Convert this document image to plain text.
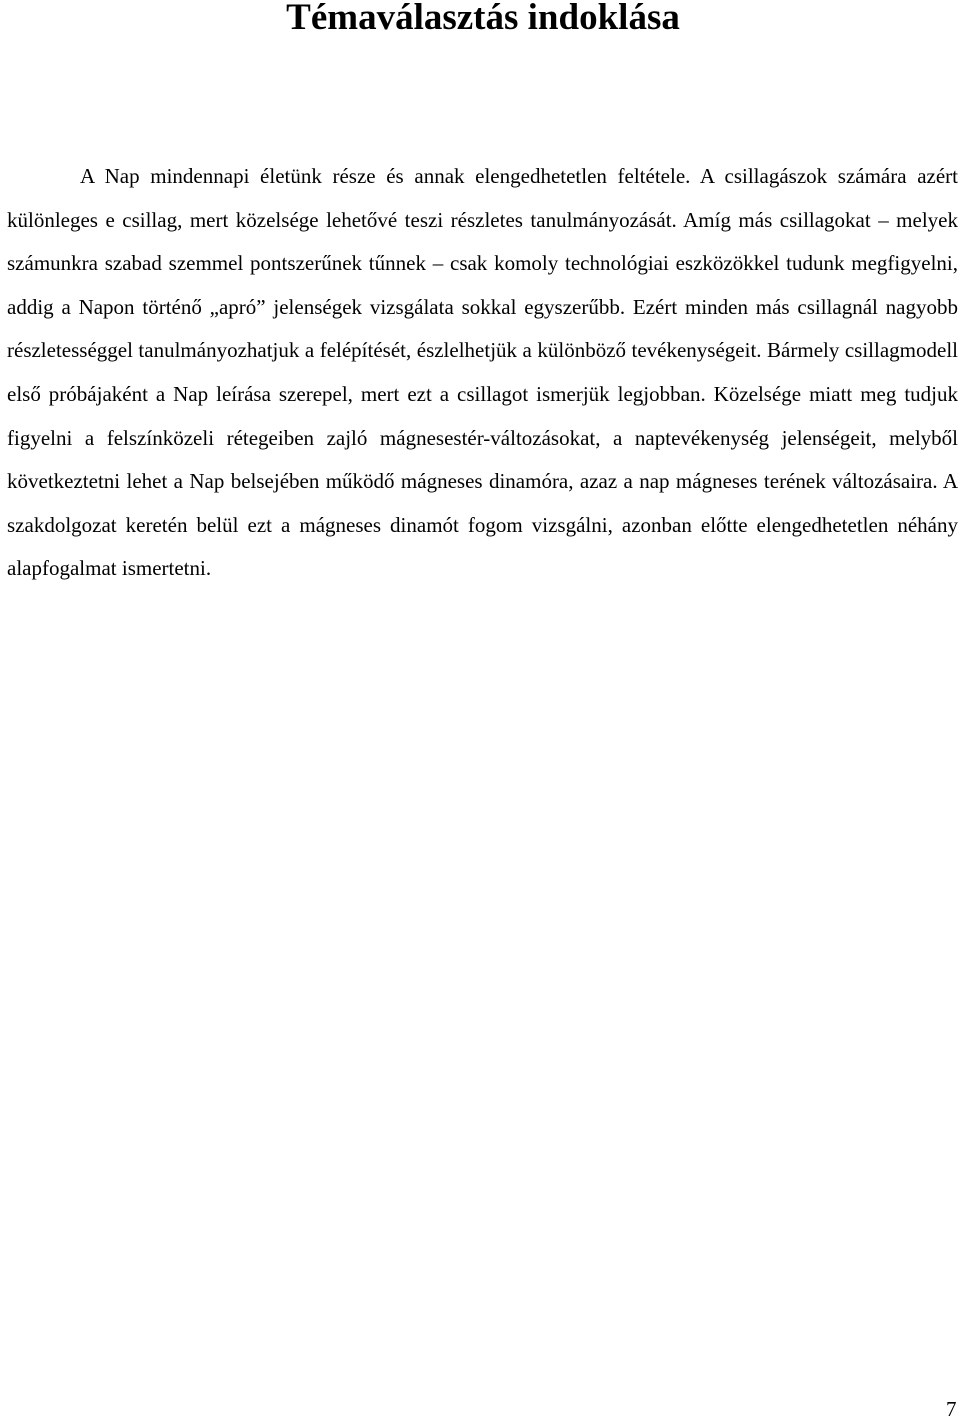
Témaválasztás indoklása

A Nap mindennapi életünk része és annak elengedhetetlen feltétele. A csillagászok számára azért különleges e csillag, mert közelsége lehetővé teszi részletes tanulmányozását. Amíg más csillagokat – melyek számunkra szabad szemmel pontszerűnek tűnnek – csak komoly technológiai eszközökkel tudunk megfigyelni, addig a Napon történő „apró” jelenségek vizsgálata sokkal egyszerűbb. Ezért minden más csillagnál nagyobb részletességgel tanulmányozhatjuk a felépítését, észlelhetjük a különböző tevékenységeit. Bármely csillagmodell első próbájaként a Nap leírása szerepel, mert ezt a csillagot ismerjük legjobban. Közelsége miatt meg tudjuk figyelni a felszínközeli rétegeiben zajló mágnesestér-változásokat, a naptevékenység jelenségeit, melyből következtetni lehet a Nap belsejében működő mágneses dinamóra, azaz a nap mágneses terének változásaira. A szakdolgozat keretén belül ezt a mágneses dinamót fogom vizsgálni, azonban előtte elengedhetetlen néhány alapfogalmat ismertetni.

7
